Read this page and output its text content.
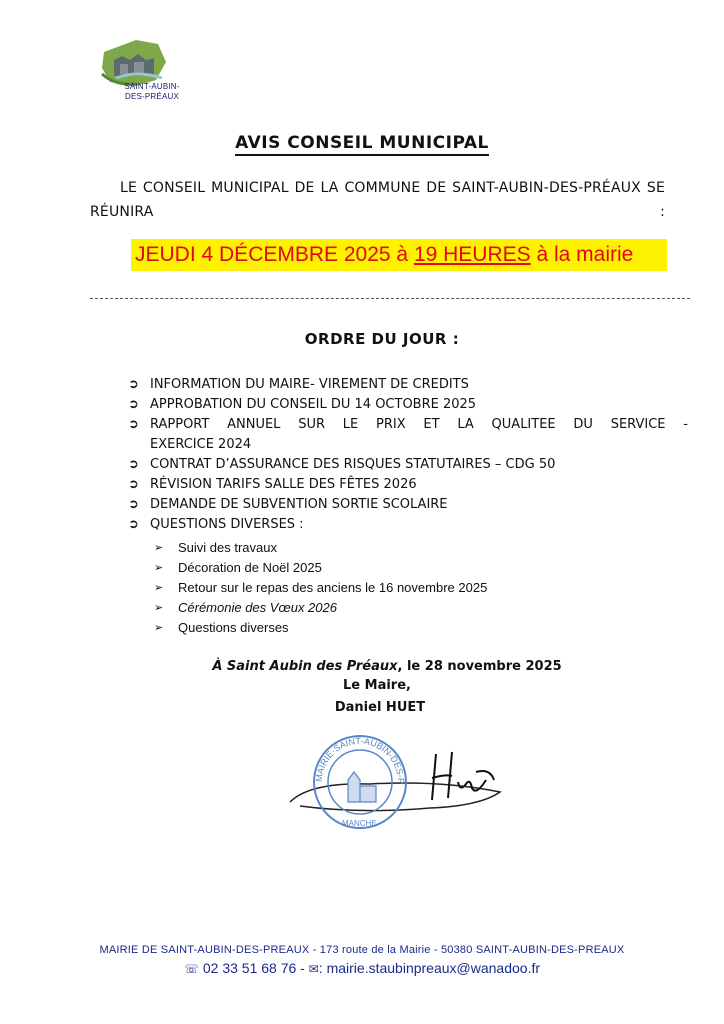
SAINT-AUBIN-
DES-PRÉAUX
AVIS CONSEIL MUNICIPAL
LE CONSEIL MUNICIPAL DE LA COMMUNE DE SAINT-AUBIN-DES-PRÉAUX SE RÉUNIRA :
JEUDI 4 DÉCEMBRE 2025 à 19 HEURES à la mairie
ORDRE DU JOUR :
➲ INFORMATION DU MAIRE- VIREMENT DE CREDITS
➲ APPROBATION DU CONSEIL DU 14 OCTOBRE 2025
➲ RAPPORT ANNUEL SUR LE PRIX ET LA QUALITEE DU SERVICE -
EXERCICE 2024
➲ CONTRAT D’ASSURANCE DES RISQUES STATUTAIRES – CDG 50
➲ RÉVISION TARIFS SALLE DES FÊTES 2026
➲ DEMANDE DE SUBVENTION SORTIE SCOLAIRE
➲ QUESTIONS DIVERSES :
➢ Suivi des travaux
➢ Décoration de Noël 2025
➢ Retour sur le repas des anciens le 16 novembre 2025
➢ Cérémonie des Vœux 2026
➢ Questions diverses
À Saint Aubin des Préaux, le 28 novembre 2025
Le Maire,
Daniel HUET
MAIRIE·SAINT-AUBIN-DES-P
MANCHE
MAIRIE DE SAINT-AUBIN-DES-PREAUX - 173 route de la Mairie - 50380 SAINT-AUBIN-DES-PREAUX
☏ 02 33 51 68 76 - ✉: mairie.staubinpreaux@wanadoo.fr
